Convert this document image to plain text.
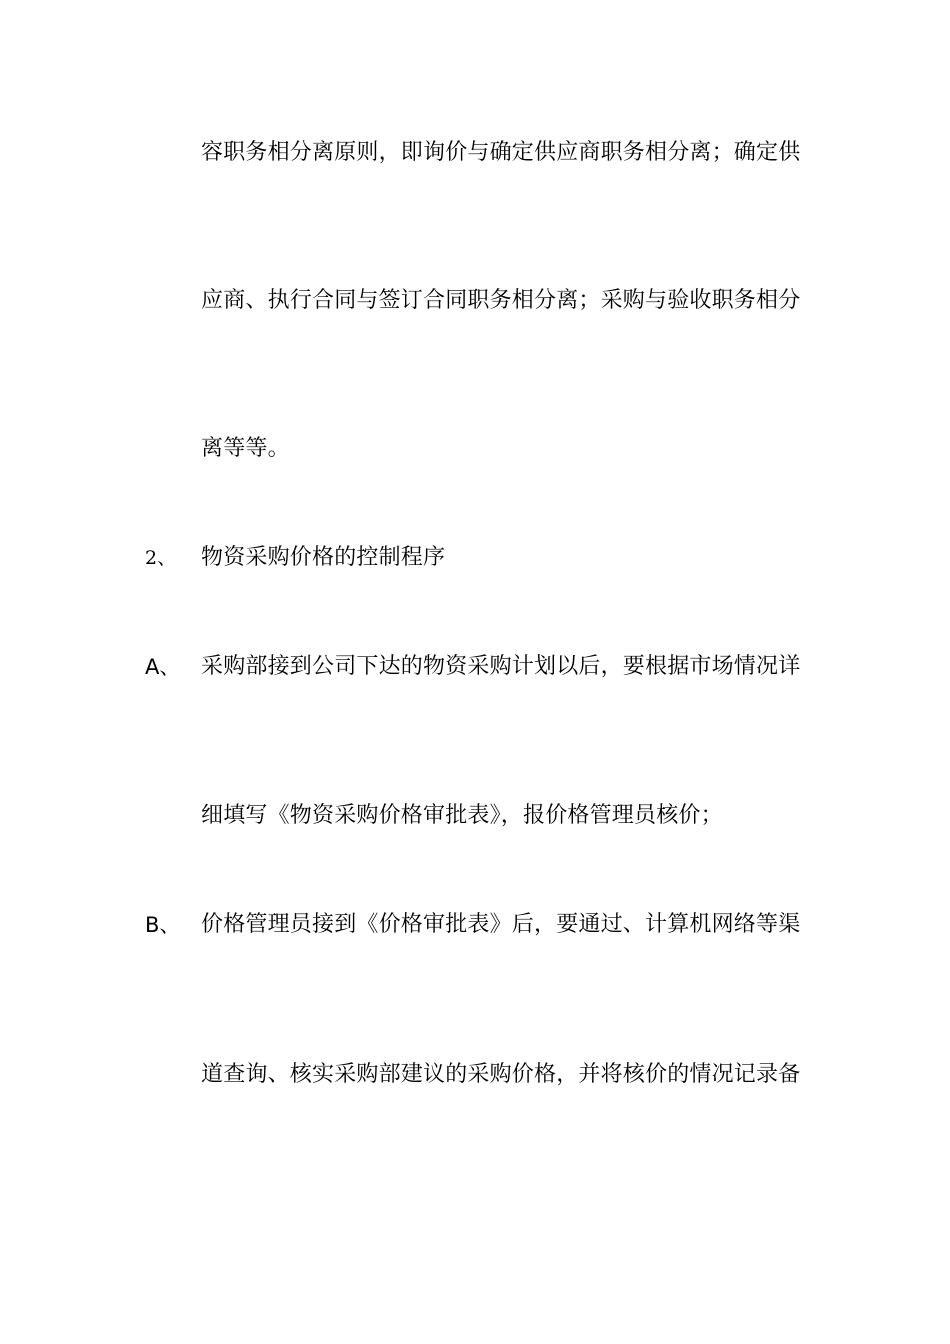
容职务相分离原则，即询价与确定供应商职务相分离；确定供
应商、执行合同与签订合同职务相分离；采购与验收职务相分
离等等。
2、 物资采购价格的控制程序
A、 采购部接到公司下达的物资采购计划以后，要根据市场情况详
细填写《物资采购价格审批表》，报价格管理员核价；
B、 价格管理员接到《价格审批表》后，要通过、计算机网络等渠
道查询、核实采购部建议的采购价格，并将核价的情况记录备
